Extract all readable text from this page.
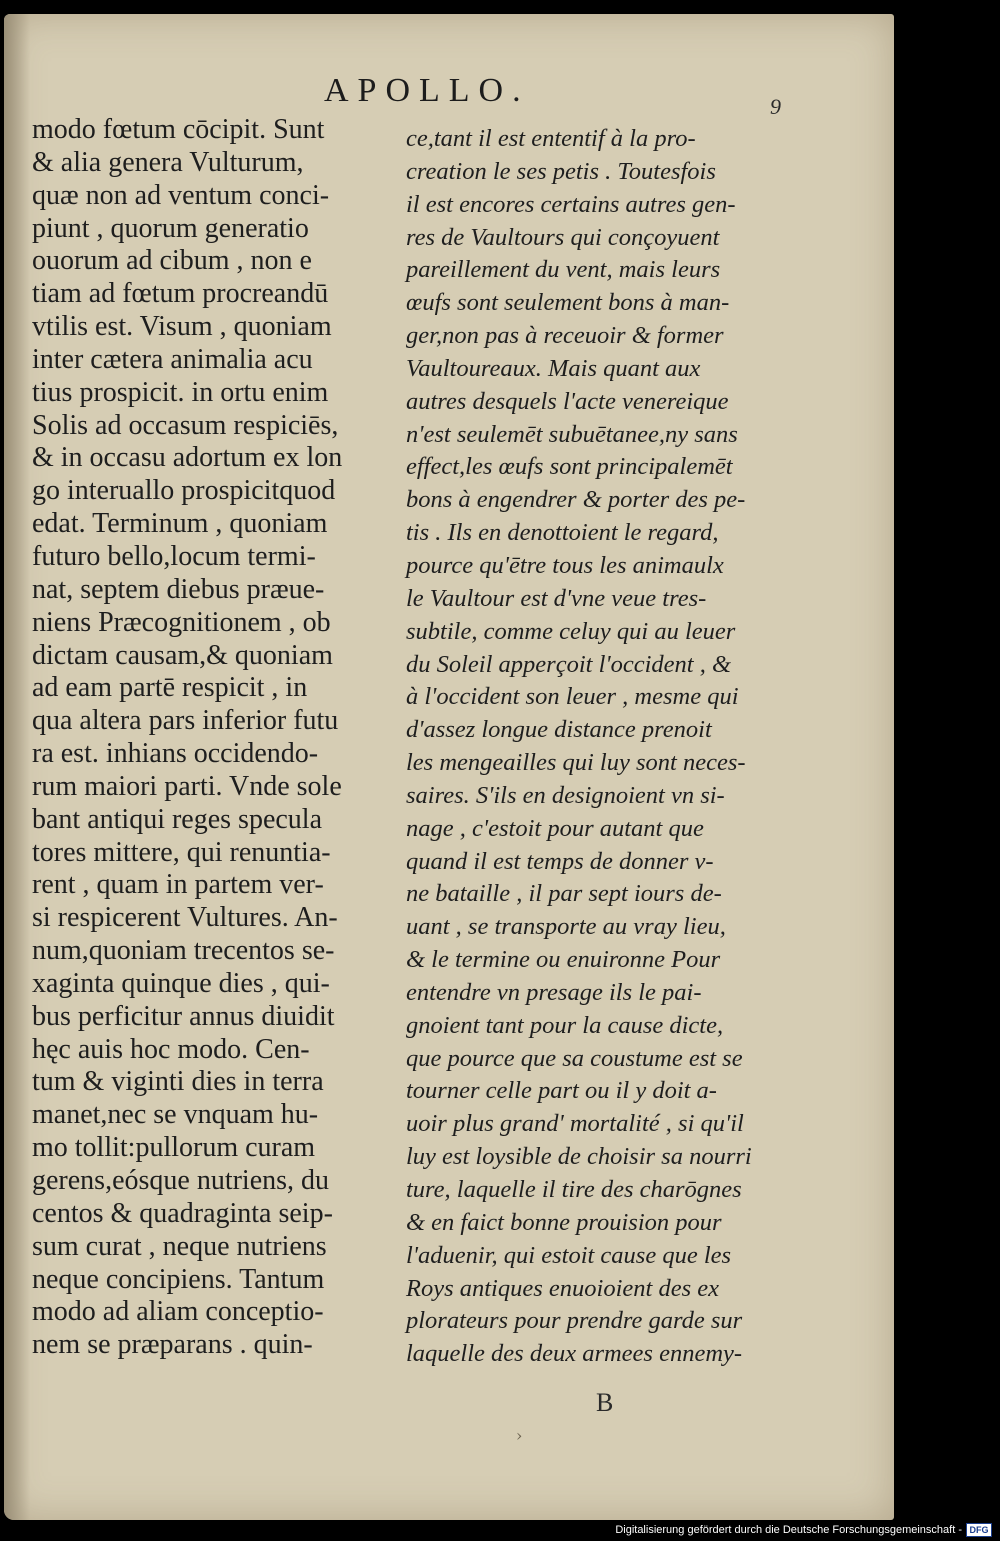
APOLLO.	9
modo fœtum cōcipit. Sunt
& alia genera Vulturum,
quæ non ad ventum conci-
piunt , quorum generatio
ouorum ad cibum , non e
tiam ad fœtum procreandū
vtilis est. Visum , quoniam
inter cætera animalia acu
tius prospicit. in ortu enim
Solis ad occasum respiciēs,
& in occasu adortum ex lon
go interuallo prospicitquod
edat. Terminum , quoniam
futuro bello,locum termi-
nat, septem diebus præue-
niens Præcognitionem , ob
dictam causam,& quoniam
ad eam partē respicit , in
qua altera pars inferior futu
ra est. inhians occidendo-
rum maiori parti. Vnde sole
bant antiqui reges specula
tores mittere, qui renuntia-
rent , quam in partem ver-
si respicerent Vultures. An-
num,quoniam trecentos se-
xaginta quinque dies , qui-
bus perficitur annus diuidit
hęc auis hoc modo. Cen-
tum & viginti dies in terra
manet,nec se vnquam hu-
mo tollit:pullorum curam
gerens,eósque nutriens, du
centos & quadraginta seip-
sum curat , neque nutriens
neque concipiens. Tantum
modo ad aliam conceptio-
nem se præparans . quin-
ce,tant il est ententif à la pro-
creation le ses petis . Toutesfois
il est encores certains autres gen-
res de Vaultours qui conçoyuent
pareillement du vent, mais leurs
œufs sont seulement bons à man-
ger,non pas à receuoir & former
Vaultoureaux. Mais quant aux
autres desquels l'acte venereique
n'est seulemēt subuētanee,ny sans
effect,les œufs sont principalemēt
bons à engendrer & porter des pe-
tis . Ils en denottoient le regard,
pource qu'ētre tous les animaulx
le Vaultour est d'vne veue tres-
subtile, comme celuy qui au leuer
du Soleil apperçoit l'occident , &
à l'occident son leuer , mesme qui
d'assez longue distance prenoit
les mengeailles qui luy sont neces-
saires. S'ils en designoient vn si-
nage , c'estoit pour autant que
quand il est temps de donner v-
ne bataille , il par sept iours de-
uant , se transporte au vray lieu,
& le termine ou enuironne Pour
entendre vn presage ils le pai-
gnoient tant pour la cause dicte,
que pource que sa coustume est se
tourner celle part ou il y doit a-
uoir plus grand' mortalité , si qu'il
luy est loysible de choisir sa nourri
ture, laquelle il tire des charōgnes
& en faict bonne prouision pour
l'aduenir, qui estoit cause que les
Roys antiques enuoioient des ex
plorateurs pour prendre garde sur
laquelle des deux armees ennemy-
B
›
Digitalisierung gefördert durch die Deutsche Forschungsgemeinschaft - DFG
